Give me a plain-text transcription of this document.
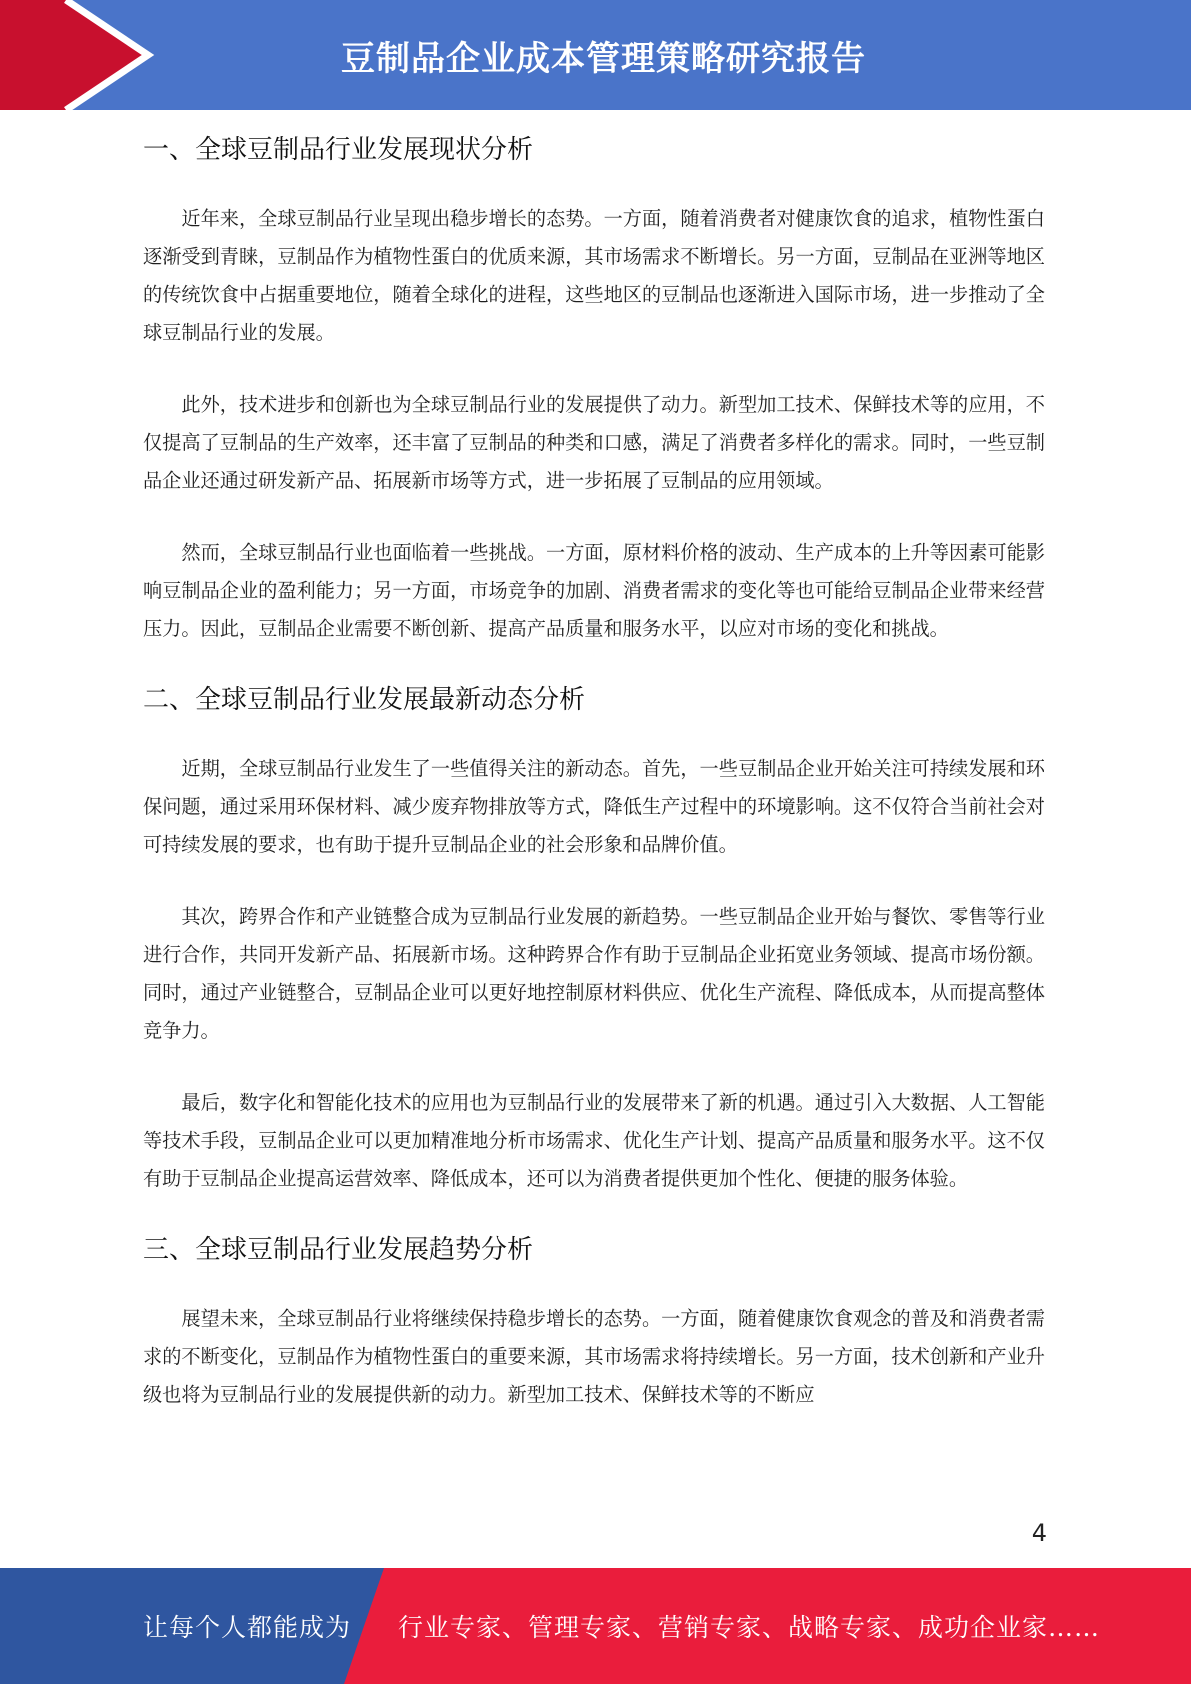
豆制品企业成本管理策略研究报告
一、全球豆制品行业发展现状分析

近年来，全球豆制品行业呈现出稳步增长的态势。一方面，随着消费者对健康饮食的追求，植物性蛋白逐渐受到青睐，豆制品作为植物性蛋白的优质来源，其市场需求不断增长。另一方面，豆制品在亚洲等地区的传统饮食中占据重要地位，随着全球化的进程，这些地区的豆制品也逐渐进入国际市场，进一步推动了全球豆制品行业的发展。

此外，技术进步和创新也为全球豆制品行业的发展提供了动力。新型加工技术、保鲜技术等的应用，不仅提高了豆制品的生产效率，还丰富了豆制品的种类和口感，满足了消费者多样化的需求。同时，一些豆制品企业还通过研发新产品、拓展新市场等方式，进一步拓展了豆制品的应用领域。

然而，全球豆制品行业也面临着一些挑战。一方面，原材料价格的波动、生产成本的上升等因素可能影响豆制品企业的盈利能力；另一方面，市场竞争的加剧、消费者需求的变化等也可能给豆制品企业带来经营压力。因此，豆制品企业需要不断创新、提高产品质量和服务水平，以应对市场的变化和挑战。

二、全球豆制品行业发展最新动态分析

近期，全球豆制品行业发生了一些值得关注的新动态。首先，一些豆制品企业开始关注可持续发展和环保问题，通过采用环保材料、减少废弃物排放等方式，降低生产过程中的环境影响。这不仅符合当前社会对可持续发展的要求，也有助于提升豆制品企业的社会形象和品牌价值。

其次，跨界合作和产业链整合成为豆制品行业发展的新趋势。一些豆制品企业开始与餐饮、零售等行业进行合作，共同开发新产品、拓展新市场。这种跨界合作有助于豆制品企业拓宽业务领域、提高市场份额。同时，通过产业链整合，豆制品企业可以更好地控制原材料供应、优化生产流程、降低成本，从而提高整体竞争力。

最后，数字化和智能化技术的应用也为豆制品行业的发展带来了新的机遇。通过引入大数据、人工智能等技术手段，豆制品企业可以更加精准地分析市场需求、优化生产计划、提高产品质量和服务水平。这不仅有助于豆制品企业提高运营效率、降低成本，还可以为消费者提供更加个性化、便捷的服务体验。

三、全球豆制品行业发展趋势分析

展望未来，全球豆制品行业将继续保持稳步增长的态势。一方面，随着健康饮食观念的普及和消费者需求的不断变化，豆制品作为植物性蛋白的重要来源，其市场需求将持续增长。另一方面，技术创新和产业升级也将为豆制品行业的发展提供新的动力。新型加工技术、保鲜技术等的不断应

4
让每个人都能成为 行业专家、管理专家、营销专家、战略专家、成功企业家……
